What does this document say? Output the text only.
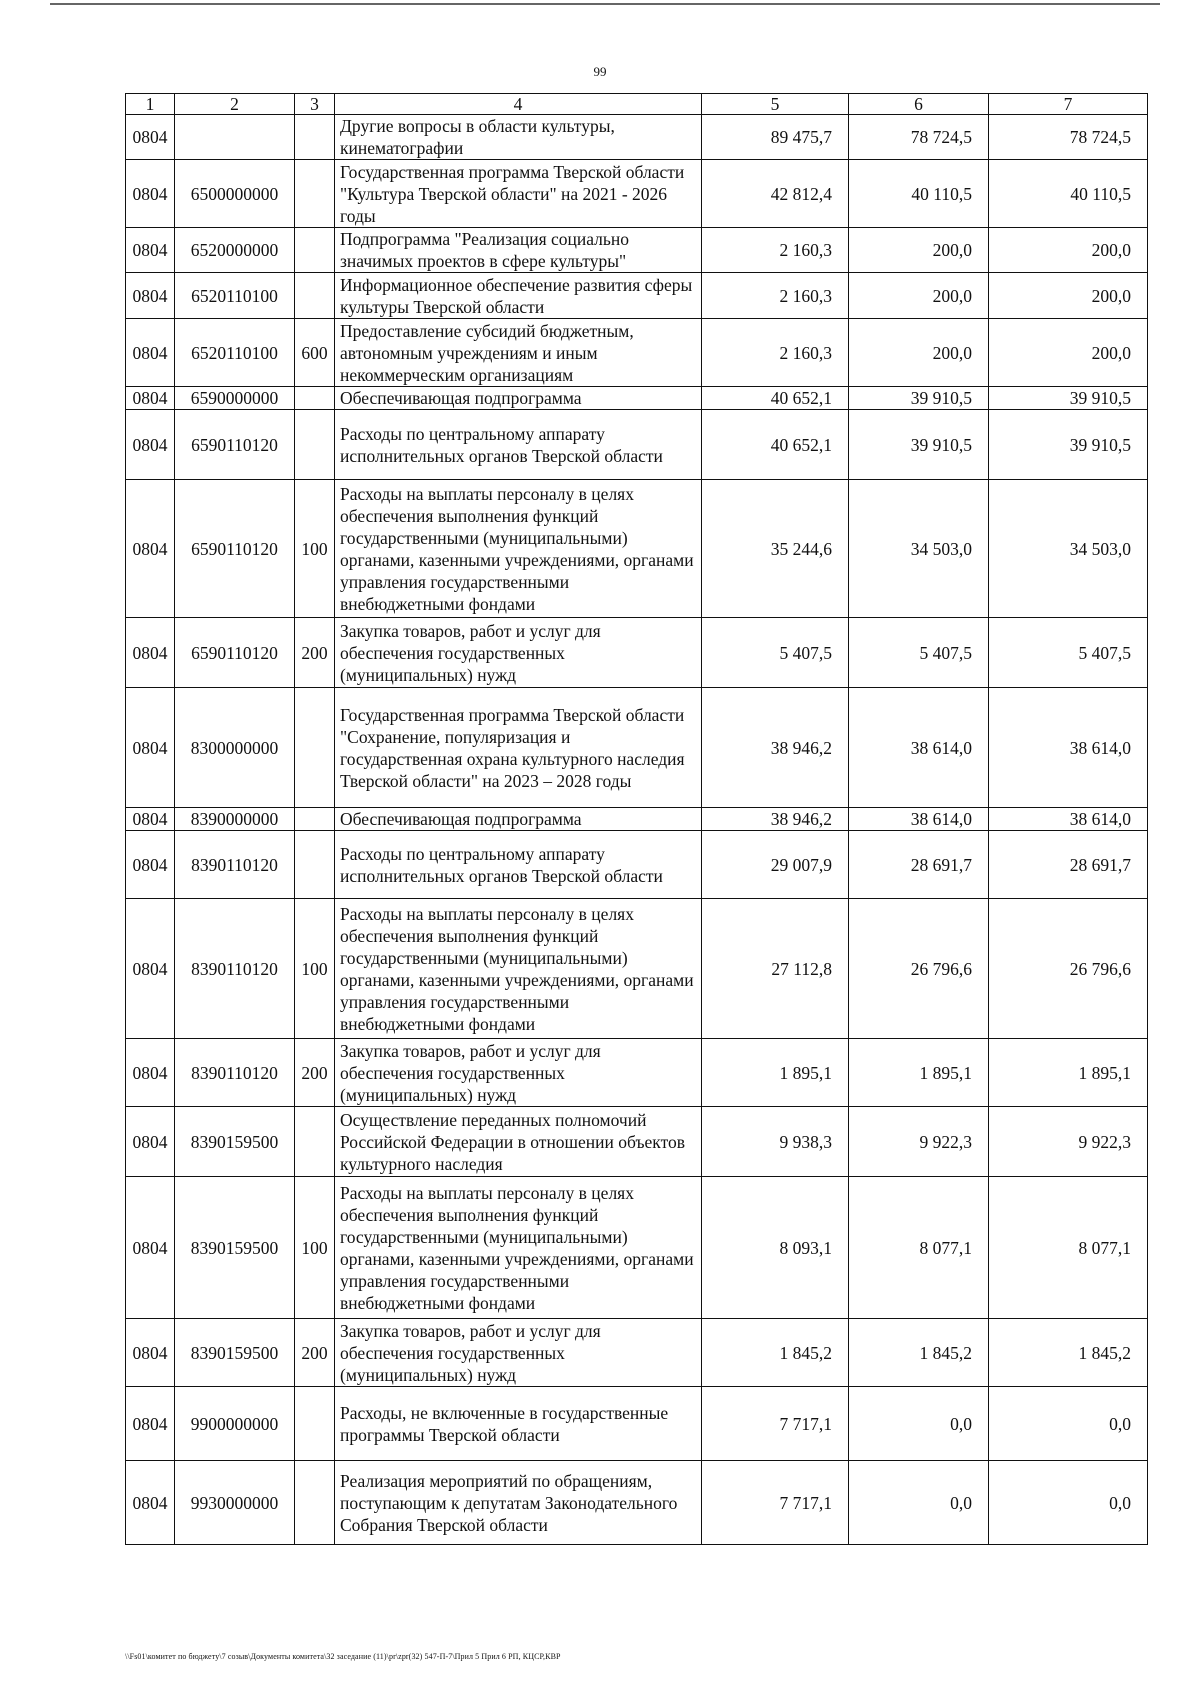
99
1	2	3	4	5	6	7
0804			Другие вопросы в области культуры, кинематографии	89 475,7	78 724,5	78 724,5
0804	6500000000		Государственная программа Тверской области "Культура Тверской области" на 2021 - 2026 годы	42 812,4	40 110,5	40 110,5
0804	6520000000		Подпрограмма "Реализация социально значимых проектов в сфере культуры"	2 160,3	200,0	200,0
0804	6520110100		Информационное обеспечение развития сферы культуры Тверской области	2 160,3	200,0	200,0
0804	6520110100	600	Предоставление субсидий бюджетным, автономным учреждениям и иным некоммерческим организациям	2 160,3	200,0	200,0
0804	6590000000		Обеспечивающая подпрограмма	40 652,1	39 910,5	39 910,5
0804	6590110120		Расходы по центральному аппарату исполнительных органов Тверской области	40 652,1	39 910,5	39 910,5
0804	6590110120	100	Расходы на выплаты персоналу в целях обеспечения выполнения функций государственными (муниципальными) органами, казенными учреждениями, органами управления государственными внебюджетными фондами	35 244,6	34 503,0	34 503,0
0804	6590110120	200	Закупка товаров, работ и услуг для обеспечения государственных (муниципальных) нужд	5 407,5	5 407,5	5 407,5
0804	8300000000		Государственная программа Тверской области "Сохранение, популяризация и государственная охрана культурного наследия Тверской области" на 2023 – 2028 годы	38 946,2	38 614,0	38 614,0
0804	8390000000		Обеспечивающая подпрограмма	38 946,2	38 614,0	38 614,0
0804	8390110120		Расходы по центральному аппарату исполнительных органов Тверской области	29 007,9	28 691,7	28 691,7
0804	8390110120	100	Расходы на выплаты персоналу в целях обеспечения выполнения функций государственными (муниципальными) органами, казенными учреждениями, органами управления государственными внебюджетными фондами	27 112,8	26 796,6	26 796,6
0804	8390110120	200	Закупка товаров, работ и услуг для обеспечения государственных (муниципальных) нужд	1 895,1	1 895,1	1 895,1
0804	8390159500		Осуществление переданных полномочий Российской Федерации в отношении объектов культурного наследия	9 938,3	9 922,3	9 922,3
0804	8390159500	100	Расходы на выплаты персоналу в целях обеспечения выполнения функций государственными (муниципальными) органами, казенными учреждениями, органами управления государственными внебюджетными фондами	8 093,1	8 077,1	8 077,1
0804	8390159500	200	Закупка товаров, работ и услуг для обеспечения государственных (муниципальных) нужд	1 845,2	1 845,2	1 845,2
0804	9900000000		Расходы, не включенные в государственные программы Тверской области	7 717,1	0,0	0,0
0804	9930000000		Реализация мероприятий по обращениям, поступающим к депутатам Законодательного Собрания Тверской области	7 717,1	0,0	0,0
\\Fs01\комитет по бюджету\7 созыв\Документы комитета\32 заседание (11)\pr\zpr(32) 547-П-7\Прил 5 Прил 6 РП, КЦСР,КВР
